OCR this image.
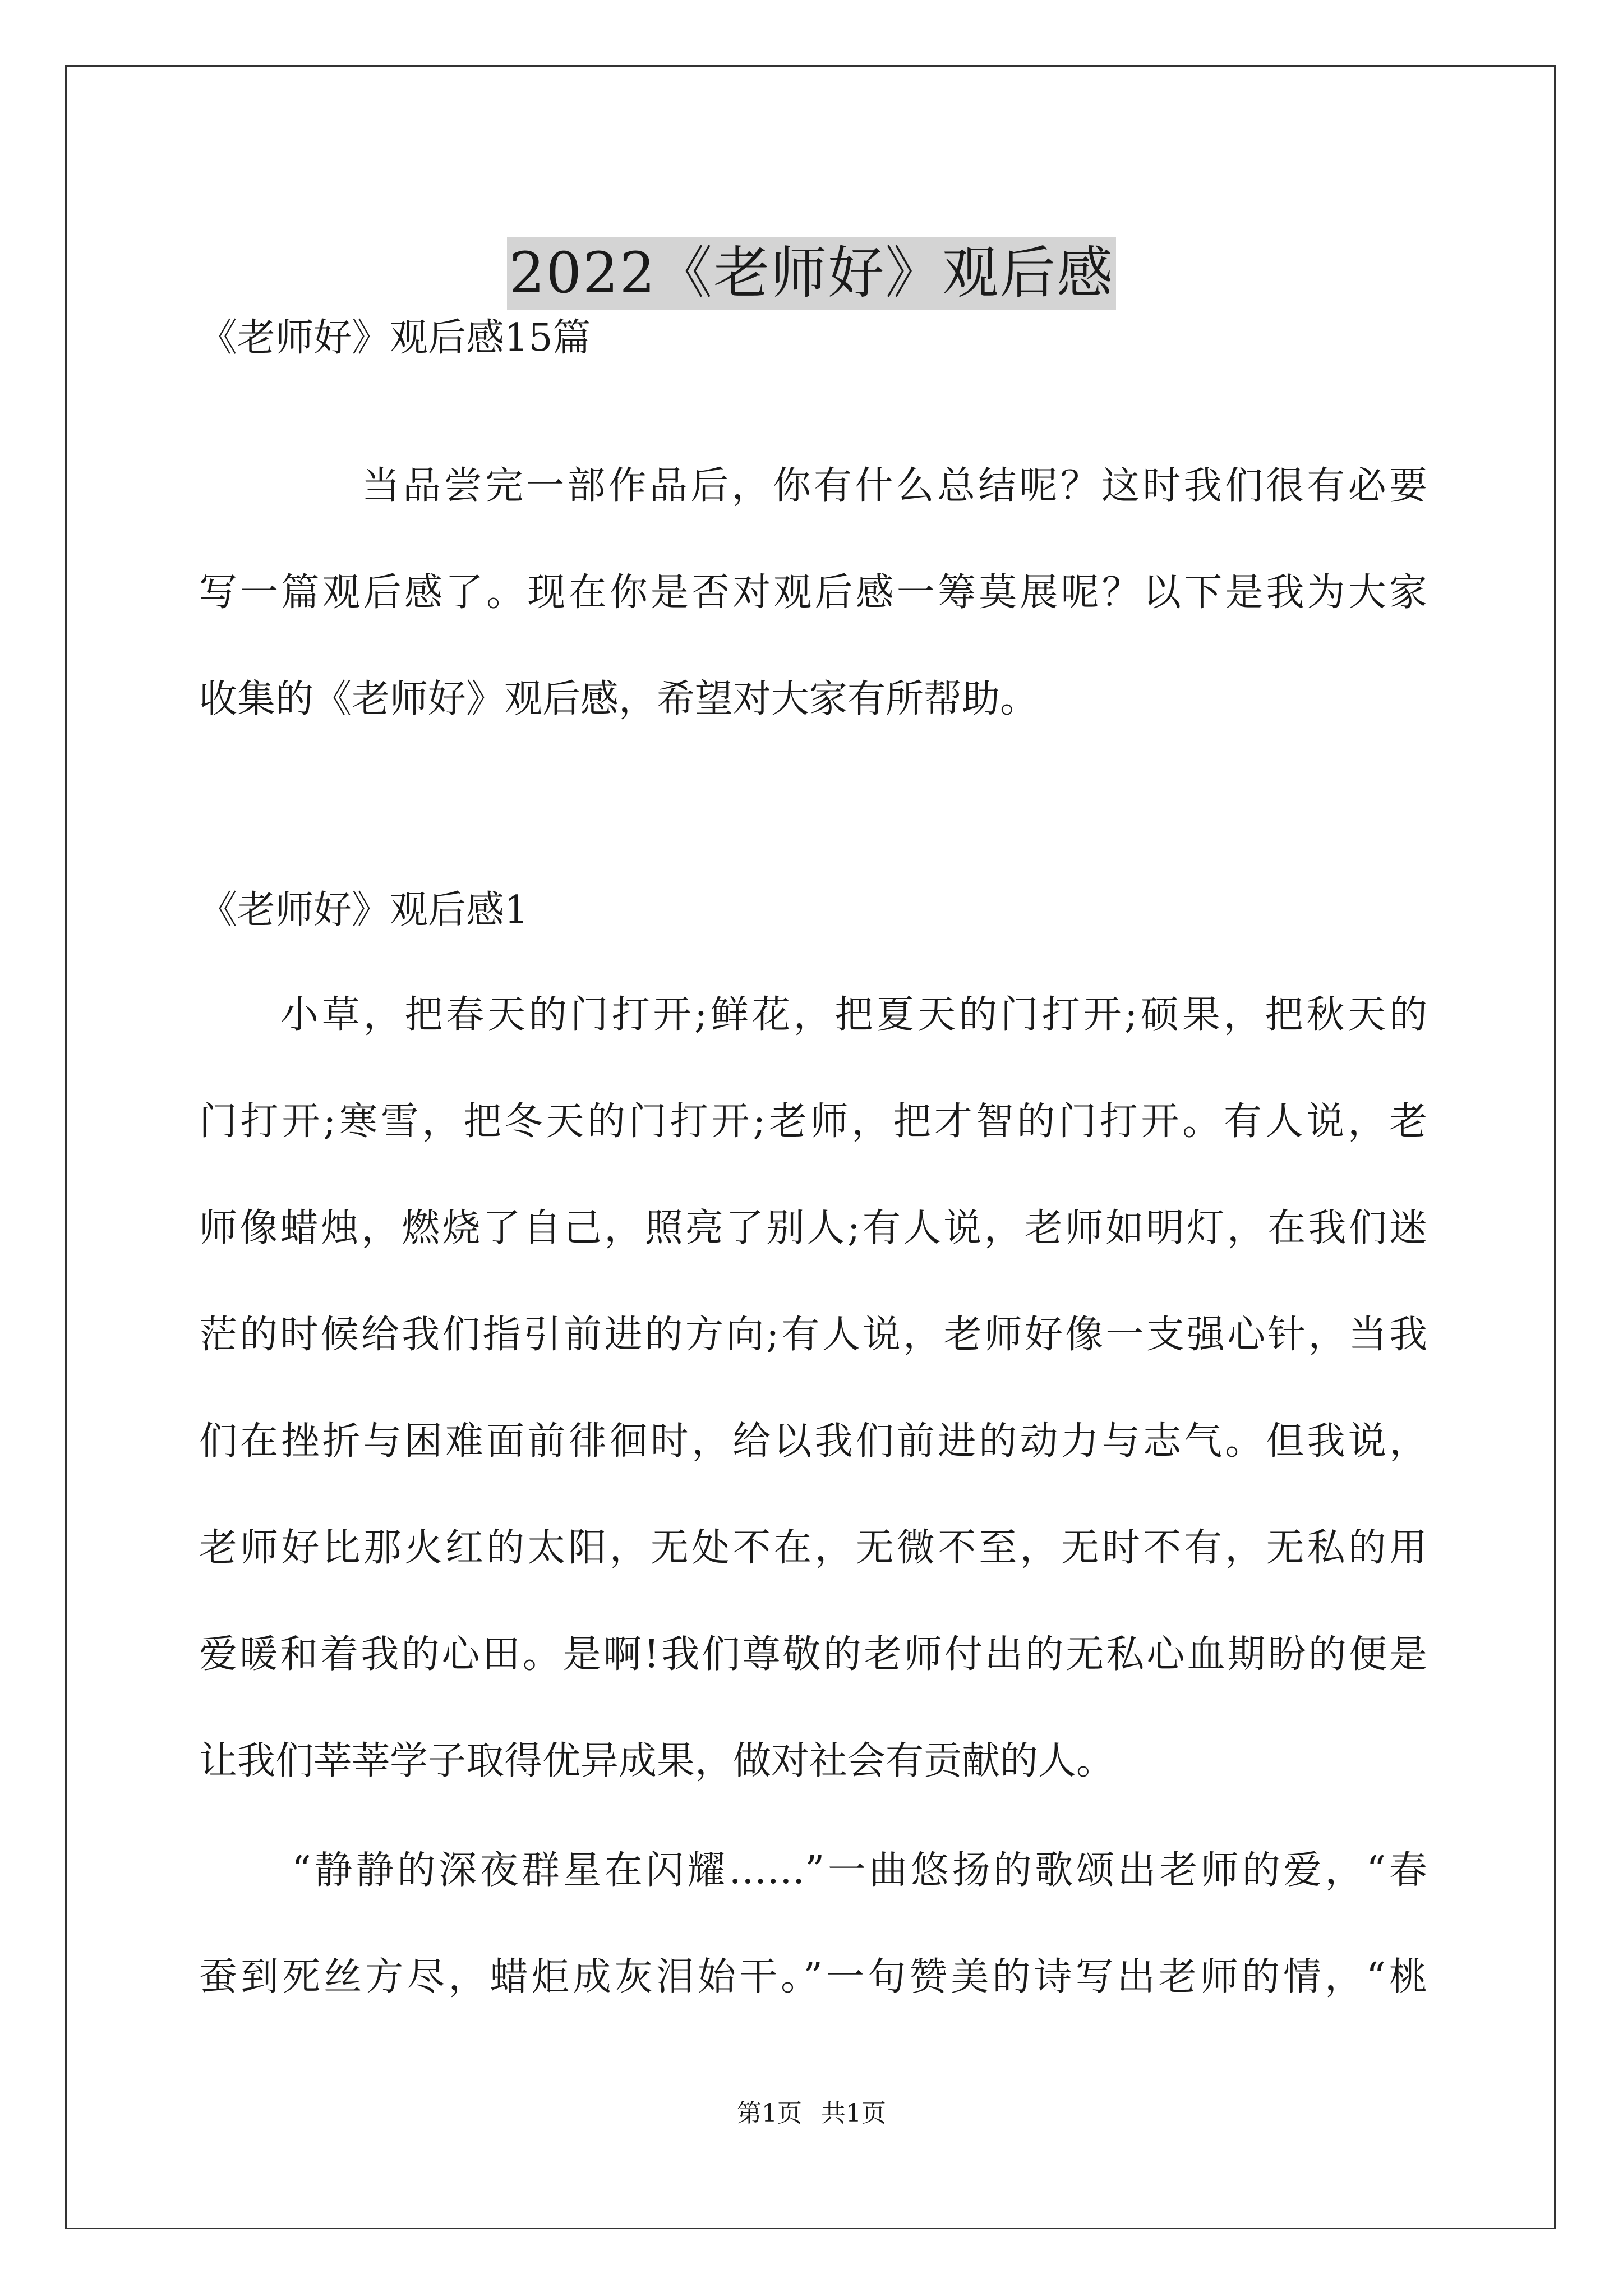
2022《老师好》观后感
《老师好》观后感15篇
当品尝完一部作品后，你有什么总结呢？这时我们很有必要
写一篇观后感了。现在你是否对观后感一筹莫展呢？以下是我为大家
收集的《老师好》观后感，希望对大家有所帮助。
《老师好》观后感1
小草，把春天的门打开;鲜花，把夏天的门打开;硕果，把秋天的
门打开;寒雪，把冬天的门打开;老师，把才智的门打开。有人说，老
师像蜡烛，燃烧了自己，照亮了别人;有人说，老师如明灯，在我们迷
茫的时候给我们指引前进的方向;有人说，老师好像一支强心针，当我
们在挫折与困难面前徘徊时，给以我们前进的动力与志气。但我说，
老师好比那火红的太阳，无处不在，无微不至，无时不有，无私的用
爱暖和着我的心田。是啊!我们尊敬的老师付出的无私心血期盼的便是
让我们莘莘学子取得优异成果，做对社会有贡献的人。
“静静的深夜群星在闪耀……”一曲悠扬的歌颂出老师的爱，“春
蚕到死丝方尽，蜡炬成灰泪始干。”一句赞美的诗写出老师的情，“桃
第1页 共1页
